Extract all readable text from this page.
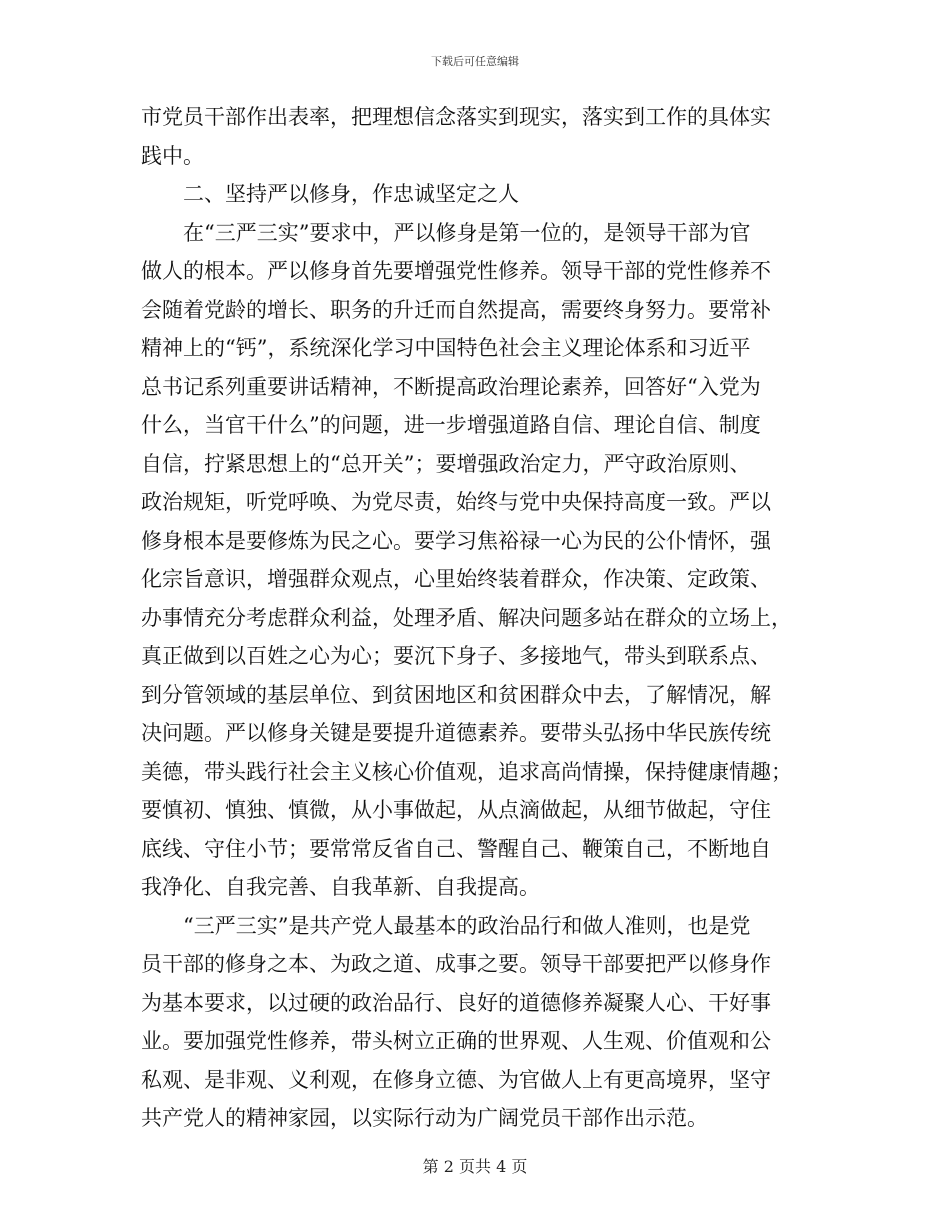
下载后可任意编辑
市党员干部作出表率，把理想信念落实到现实，落实到工作的具体实
践中。
二、坚持严以修身，作忠诚坚定之人
在“三严三实”要求中，严以修身是第一位的，是领导干部为官
做人的根本。严以修身首先要增强党性修养。领导干部的党性修养不
会随着党龄的增长、职务的升迁而自然提高，需要终身努力。要常补
精神上的“钙”，系统深化学习中国特色社会主义理论体系和习近平
总书记系列重要讲话精神，不断提高政治理论素养，回答好“入党为
什么，当官干什么”的问题，进一步增强道路自信、理论自信、制度
自信，拧紧思想上的“总开关”；要增强政治定力，严守政治原则、
政治规矩，听党呼唤、为党尽责，始终与党中央保持高度一致。严以
修身根本是要修炼为民之心。要学习焦裕禄一心为民的公仆情怀，强
化宗旨意识，增强群众观点，心里始终装着群众，作决策、定政策、
办事情充分考虑群众利益，处理矛盾、解决问题多站在群众的立场上，
真正做到以百姓之心为心；要沉下身子、多接地气，带头到联系点、
到分管领域的基层单位、到贫困地区和贫困群众中去，了解情况，解
决问题。严以修身关键是要提升道德素养。要带头弘扬中华民族传统
美德，带头践行社会主义核心价值观，追求高尚情操，保持健康情趣；
要慎初、慎独、慎微，从小事做起，从点滴做起，从细节做起，守住
底线、守住小节；要常常反省自己、警醒自己、鞭策自己，不断地自
我净化、自我完善、自我革新、自我提高。
“三严三实”是共产党人最基本的政治品行和做人准则，也是党
员干部的修身之本、为政之道、成事之要。领导干部要把严以修身作
为基本要求，以过硬的政治品行、良好的道德修养凝聚人心、干好事
业。要加强党性修养，带头树立正确的世界观、人生观、价值观和公
私观、是非观、义利观，在修身立德、为官做人上有更高境界，坚守
共产党人的精神家园，以实际行动为广阔党员干部作出示范。
第 2 页共 4 页
